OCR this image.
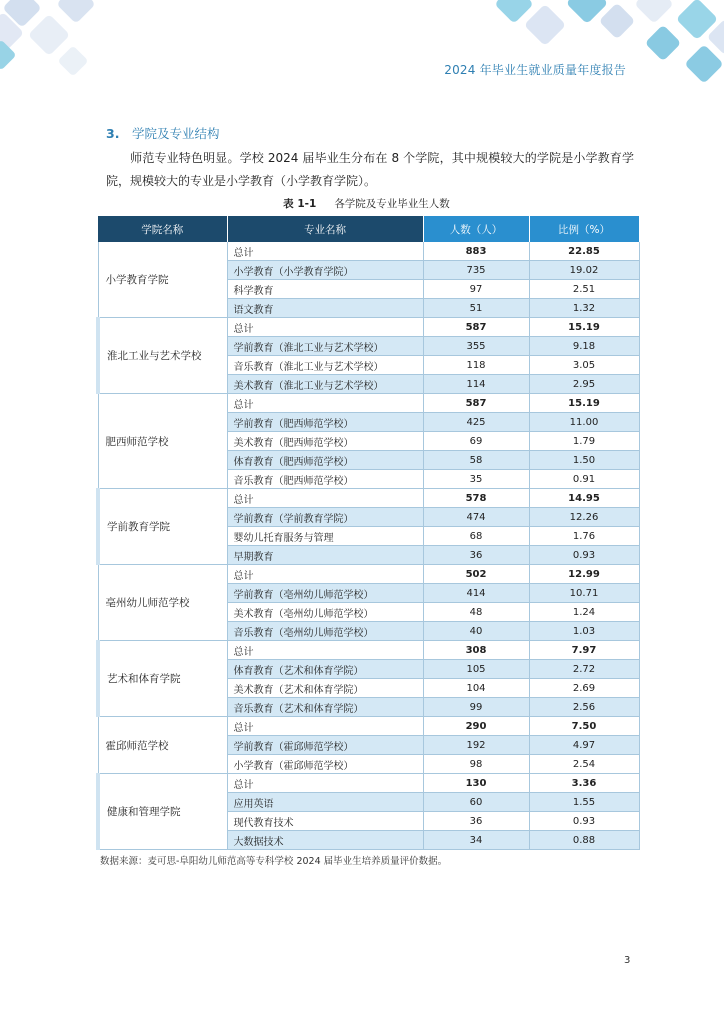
2024 年毕业生就业质量年度报告
3. 学院及专业结构
师范专业特色明显。学校 2024 届毕业生分布在 8 个学院，其中规模较大的学院是小学教育学院，规模较大的专业是小学教育（小学教育学院）。
表 1-1 各学院及专业毕业生人数
学院名称	专业名称	人数（人）	比例（%）
小学教育学院	总计	883	22.85
	小学教育（小学教育学院）	735	19.02
	科学教育	97	2.51
	语文教育	51	1.32
淮北工业与艺术学校	总计	587	15.19
	学前教育（淮北工业与艺术学校）	355	9.18
	音乐教育（淮北工业与艺术学校）	118	3.05
	美术教育（淮北工业与艺术学校）	114	2.95
肥西师范学校	总计	587	15.19
	学前教育（肥西师范学校）	425	11.00
	美术教育（肥西师范学校）	69	1.79
	体育教育（肥西师范学校）	58	1.50
	音乐教育（肥西师范学校）	35	0.91
学前教育学院	总计	578	14.95
	学前教育（学前教育学院）	474	12.26
	婴幼儿托育服务与管理	68	1.76
	早期教育	36	0.93
亳州幼儿师范学校	总计	502	12.99
	学前教育（亳州幼儿师范学校）	414	10.71
	美术教育（亳州幼儿师范学校）	48	1.24
	音乐教育（亳州幼儿师范学校）	40	1.03
艺术和体育学院	总计	308	7.97
	体育教育（艺术和体育学院）	105	2.72
	美术教育（艺术和体育学院）	104	2.69
	音乐教育（艺术和体育学院）	99	2.56
霍邱师范学校	总计	290	7.50
	学前教育（霍邱师范学校）	192	4.97
	小学教育（霍邱师范学校）	98	2.54
健康和管理学院	总计	130	3.36
	应用英语	60	1.55
	现代教育技术	36	0.93
	大数据技术	34	0.88
数据来源：麦可思-阜阳幼儿师范高等专科学校 2024 届毕业生培养质量评价数据。
3
